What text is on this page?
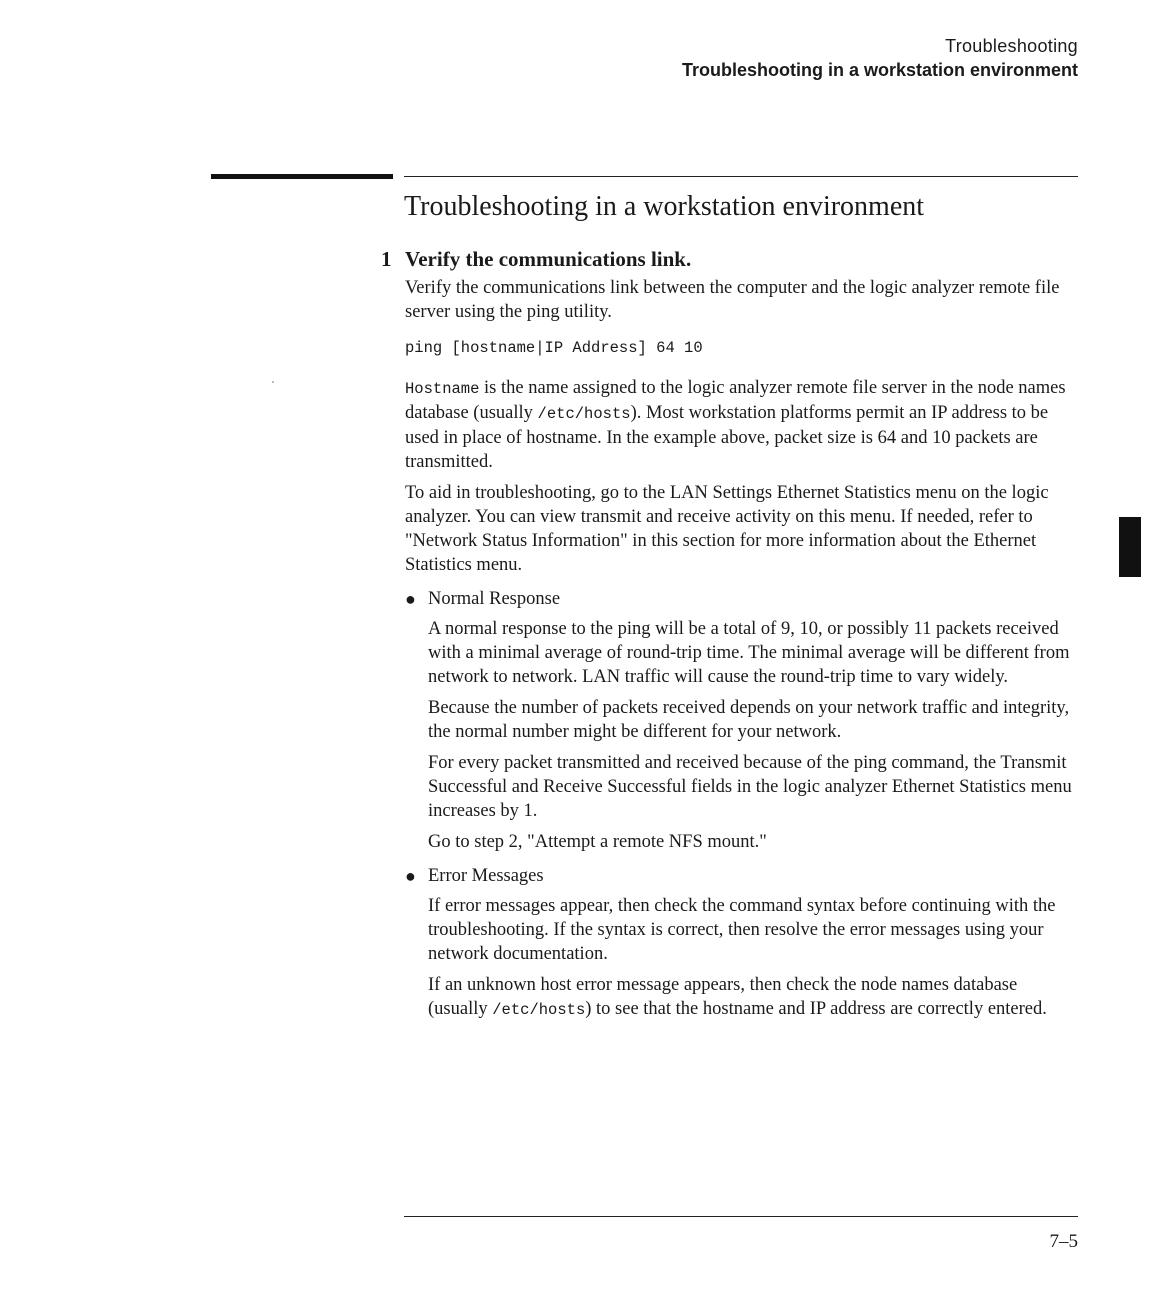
Troubleshooting
Troubleshooting in a workstation environment
Troubleshooting in a workstation environment
1 Verify the communications link.

Verify the communications link between the computer and the logic analyzer remote file server using the ping utility.

ping [hostname|IP Address] 64 10

Hostname is the name assigned to the logic analyzer remote file server in the node names database (usually /etc/hosts). Most workstation platforms permit an IP address to be used in place of hostname. In the example above, packet size is 64 and 10 packets are transmitted.

To aid in troubleshooting, go to the LAN Settings Ethernet Statistics menu on the logic analyzer. You can view transmit and receive activity on this menu. If needed, refer to "Network Status Information" in this section for more information about the Ethernet Statistics menu.

● Normal Response

A normal response to the ping will be a total of 9, 10, or possibly 11 packets received with a minimal average of round-trip time. The minimal average will be different from network to network. LAN traffic will cause the round-trip time to vary widely.

Because the number of packets received depends on your network traffic and integrity, the normal number might be different for your network.

For every packet transmitted and received because of the ping command, the Transmit Successful and Receive Successful fields in the logic analyzer Ethernet Statistics menu increases by 1.

Go to step 2, "Attempt a remote NFS mount."

● Error Messages

If error messages appear, then check the command syntax before continuing with the troubleshooting. If the syntax is correct, then resolve the error messages using your network documentation.

If an unknown host error message appears, then check the node names database (usually /etc/hosts) to see that the hostname and IP address are correctly entered.

7–5
